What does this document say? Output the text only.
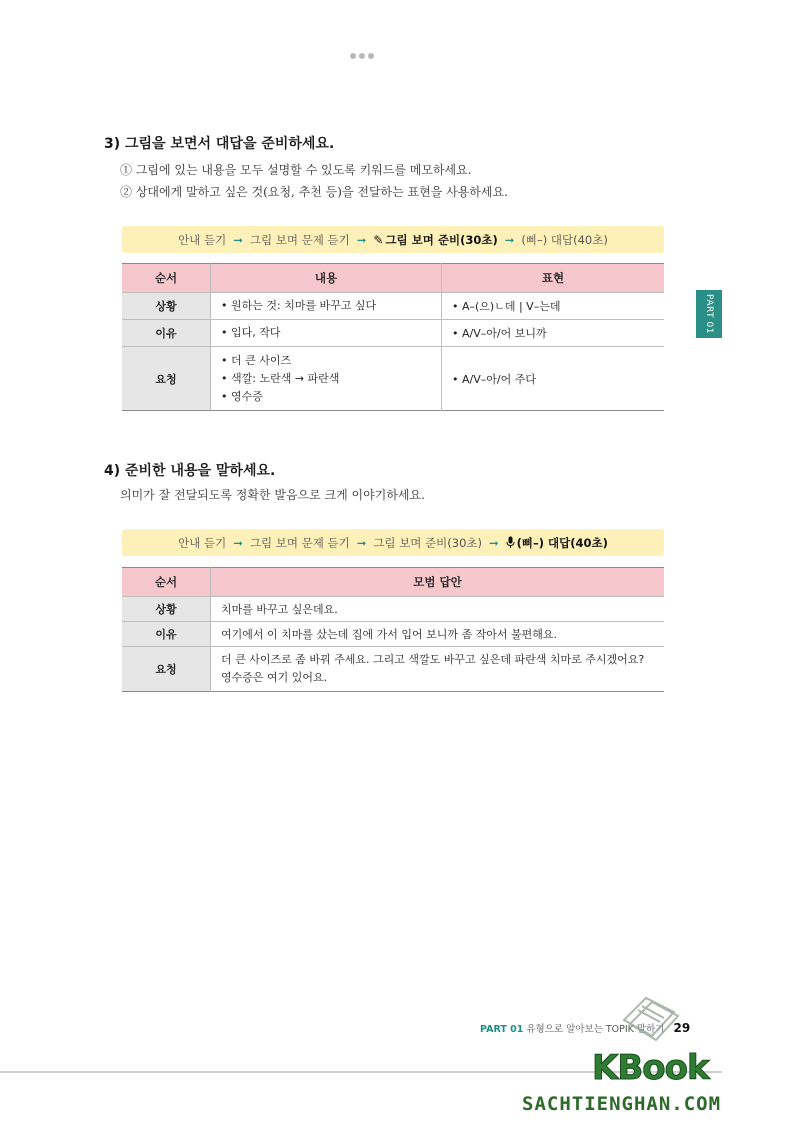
3) 그림을 보면서 대답을 준비하세요.
① 그림에 있는 내용을 모두 설명할 수 있도록 키워드를 메모하세요.
② 상대에게 말하고 싶은 것(요청, 추천 등)을 전달하는 표현을 사용하세요.
안내 듣기 ➞ 그림 보며 문제 듣기 ➞ ✎ 그림 보며 준비(30초) ➞ (삐–) 대답(40초)
순서	내용	표현
상황	• 원하는 것: 치마를 바꾸고 싶다	• A–(으)ㄴ데 | V–는데
이유	• 입다, 작다	• A/V–아/어 보니까
요청	• 더 큰 사이즈
• 색깔: 노란색 → 파란색
• 영수증	• A/V–아/어 주다
4) 준비한 내용을 말하세요.
의미가 잘 전달되도록 정확한 발음으로 크게 이야기하세요.
안내 듣기 ➞ 그림 보며 문제 듣기 ➞ 그림 보며 준비(30초) ➞ (삐–) 대답(40초)
순서	모범 답안
상황	치마를 바꾸고 싶은데요.
이유	여기에서 이 치마를 샀는데 집에 가서 입어 보니까 좀 작아서 불편해요.
요청	더 큰 사이즈로 좀 바꿔 주세요. 그리고 색깔도 바꾸고 싶은데 파란색 치마로 주시겠어요? 영수증은 여기 있어요.
PART 01
PART 01 유형으로 알아보는 TOPIK 말하기 29
KBook
SACHTIENGHAN.COM
